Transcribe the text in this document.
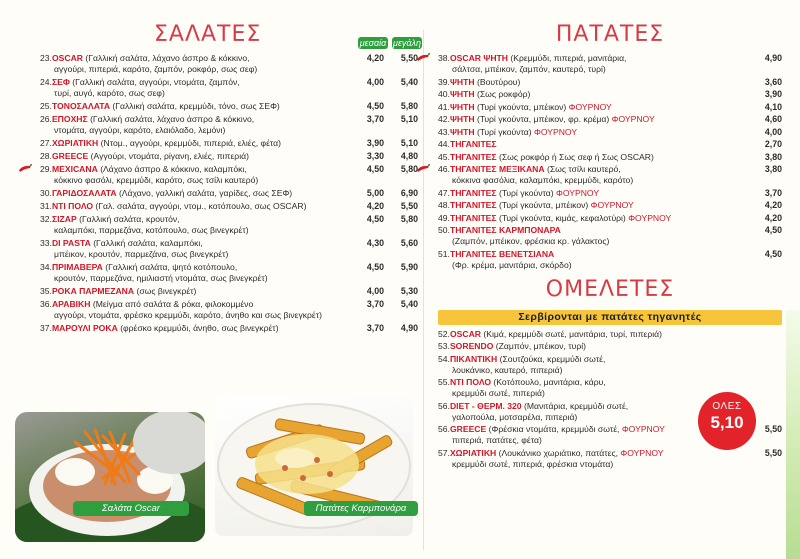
ΣΑΛΑΤΕΣ	μεσαία μεγάλη
23.OSCAR (Γαλλική σαλάτα, λάχανο άσπρο & κόκκινο,	4,20 5,50
αγγούρι, πιπεριά, καρότο, ζαμπόν, ροκφόρ, σως σεφ)
24.ΣΕΦ (Γαλλική σαλάτα, αγγούρι, ντομάτα, ζαμπόν,	4,00 5,40
τυρί, αυγό, καρότο, σως σεφ)
25.ΤΟΝΟΣΑΛΑΤΑ (Γαλλική σαλάτα, κρεμμύδι, τόνο, σως ΣΕΦ)	4,50 5,80
26.ΕΠΟΧΗΣ (Γαλλική σαλάτα, λάχανο άσπρο & κόκκινο,	3,70 5,10
ντομάτα, αγγούρι, καρότο, ελαιόλαδο, λεμόνι)
27.ΧΩΡΙΑΤΙΚΗ (Ντομ., αγγούρι, κρεμμύδι, πιπεριά, ελιές, φέτα)	3,90 5,10
28.GREECE (Αγγούρι, ντομάτα, ρίγανη, ελιές, πιπεριά)	3,30 4,80
29.MEXICANA (Λάχανο άσπρο & κόκκινο, καλαμπόκι,	4,50 5,80
κόκκινο φασόλι, κρεμμύδι, καρότο, σως τσίλι καυτερό)
30.ΓΑΡΙΔΟΣΑΛΑΤΑ (Λάχανο, γαλλική σαλάτα, γαρίδες, σως ΣΕΦ)	5,00 6,90
31.ΝΤΙ ΠΟΛΟ (Γαλ. σαλάτα, αγγούρι, ντομ., κοτόπουλο, σως OSCAR)	4,20 5,50
32.ΣΙΖΑΡ (Γαλλική σαλάτα, κρουτόν,	4,50 5,80
καλαμπόκι, παρμεζάνα, κοτόπουλο, σως βινεγκρέτ)
33.DI PASTA (Γαλλική σαλάτα, καλαμπόκι,	4,30 5,60
μπέικον, κρουτόν, παρμεζάνα, σως βινεγκρέτ)
34.ΠΡΙΜΑΒΕΡΑ (Γαλλική σαλάτα, ψητό κοτόπουλο,	4,50 5,90
κρουτόν, παρμεζάνα, ημιλιαστή ντομάτα, σως βινεγκρέτ)
35.ΡΟΚΑ ΠΑΡΜΕΖΑΝΑ (σως βινεγκρέτ)	4,00 5,30
36.ΑΡΑΒΙΚΗ (Μείγμα από σαλάτα & ρόκα, φιλοκομμένο	3,70 5,40
αγγούρι, ντομάτα, φρέσκο κρεμμύδι, καρότο, άνηθο και σως βινεγκρέτ)
37.ΜΑΡΟΥΛΙ ΡΟΚΑ (φρέσκο κρεμμύδι, άνηθο, σως βινεγκρέτ)	3,70 4,90
ΠΑΤΑΤΕΣ
38.OSCAR ΨΗΤΗ (Κρεμμύδι, πιπεριά, μανιτάρια,	4,90
σάλτσα, μπέικον, ζαμπόν, καυτερό, τυρί)
39.ΨΗΤΗ (Βουτύρου)	3,60
40.ΨΗΤΗ (Σως ροκφόρ)	3,90
41.ΨΗΤΗ (Τυρί γκούντα, μπέικον) ΦΟΥΡΝΟΥ	4,10
42.ΨΗΤΗ (Τυρί γκούντα, μπέικον, φρ. κρέμα) ΦΟΥΡΝΟΥ	4,60
43.ΨΗΤΗ (Τυρί γκούντα) ΦΟΥΡΝΟΥ	4,00
44.ΤΗΓΑΝΙΤΕΣ	2,70
45.ΤΗΓΑΝΙΤΕΣ (Σως ροκφόρ ή Σως σεφ ή Σως OSCAR)	3,80
46.ΤΗΓΑΝΙΤΕΣ ΜΕΞΙΚΑΝΑ (Σως τσίλι καυτερό,	3,80
κόκκινα φασόλια, καλαμπόκι, κρεμμύδι, καρότο)
47.ΤΗΓΑΝΙΤΕΣ (Τυρί γκούντα) ΦΟΥΡΝΟΥ	3,70
48.ΤΗΓΑΝΙΤΕΣ (Τυρί γκούντα, μπέικον) ΦΟΥΡΝΟΥ	4,20
49.ΤΗΓΑΝΙΤΕΣ (Τυρί γκούντα, κιμάς, κεφαλοτύρι) ΦΟΥΡΝΟΥ	4,20
50.ΤΗΓΑΝΙΤΕΣ ΚΑΡΜΠΟΝΑΡΑ	4,50
(Ζαμπόν, μπέικον, φρέσκια κρ. γάλακτος)
51.ΤΗΓΑΝΙΤΕΣ ΒΕΝΕΤΣΙΑΝΑ	4,50
(Φρ. κρέμα, μανιτάρια, σκόρδο)
ΟΜΕΛΕΤΕΣ
Σερβίρονται με πατάτες τηγανητές
52.OSCAR (Κιμά, κρεμμύδι σωτέ, μανιτάρια, τυρί, πιπεριά)
53.SORENDO (Ζαμπόν, μπέικον, τυρί)
54.ΠΙΚΑΝΤΙΚΗ (Σουτζούκα, κρεμμύδι σωτέ,
λουκάνικο, καυτερό, πιπεριά)
55.ΝΤΙ ΠΟΛΟ (Κοτόπουλο, μανιτάρια, κάρυ,
κρεμμύδι σωτέ, πιπεριά)
56.DIET - ΘΕΡΜ. 320 (Μανιτάρια, κρεμμύδι σωτέ,
γαλοπούλα, μοτσαρέλα, πιπεριά)
56.GREECE (Φρέσκια ντομάτα, κρεμμύδι σωτέ, ΦΟΥΡΝΟΥ	5,50
πιπεριά, πατάτες, φέτα)
57.ΧΩΡΙΑΤΙΚΗ (Λουκάνικο χωριάτικο, πατάτες, ΦΟΥΡΝΟΥ	5,50
κρεμμύδι σωτέ, πιπεριά, φρέσκια ντομάτα)
ΟΛΕΣ
5,10
Σαλάτα Oscar	Πατάτες Καρμπονάρα
